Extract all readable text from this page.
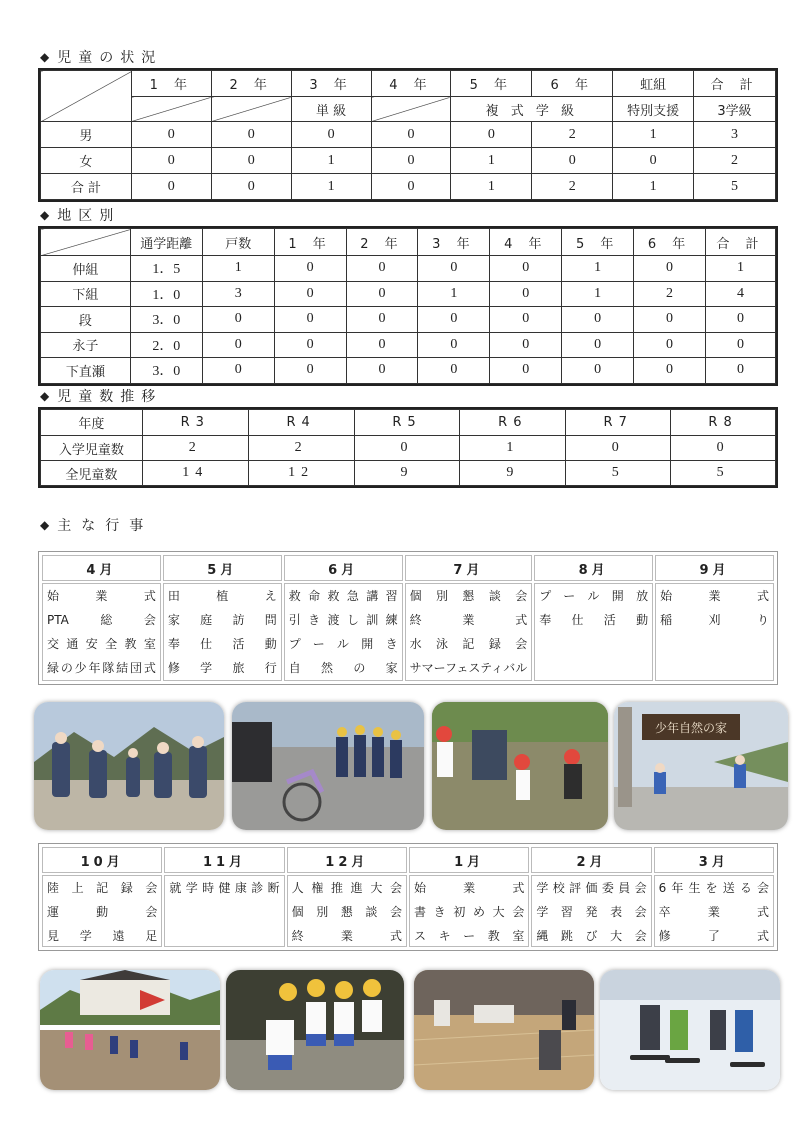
◆ 児童の状況
	1 年	2 年	3 年	4 年	5 年	6 年	虹組	合 計
			単 級		複 式 学 級		特別支援	3学級
男	0	0	0	0	0	2	1	3
女	0	0	1	0	1	0	0	2
合 計	0	0	1	0	1	2	1	5
◆ 地区別
	通学距離	戸数	1 年	2 年	3 年	4 年	5 年	6 年	合 計
仲組	1．5	1	0	0	0	0	1	0	1
下組	1．0	3	0	0	1	0	1	2	4
段	3．0	0	0	0	0	0	0	0	0
永子	2．0	0	0	0	0	0	0	0	0
下直瀬	3．0	0	0	0	0	0	0	0	0
◆ 児童数推移
年度	R3	R4	R5	R6	R7	R8
入学児童数	2	2	0	1	0	0
全児童数	14	12	9	9	5	5
◆ 主な行事
4月
始業式
PTA総会
交通安全教室
緑の少年隊結団式
5月
田植え
家庭訪問
奉仕活動
修学旅行
6月
救命救急講習
引き渡し訓練
プール開き
自然の家
7月
個別懇談会
終業式
水泳記録会
サマーフェスティバル
8月
プール開放
奉仕活動
9月
始業式
稲刈り
少年自然の家
10月
陸上記録会
運動会
見学遠足
11月
就学時健康診断
12月
人権推進大会
個別懇談会
終業式
1月
始業式
書き初め大会
スキー教室
2月
学校評価委員会
学習発表会
縄跳び大会
3月
6年生を送る会
卒業式
修了式
